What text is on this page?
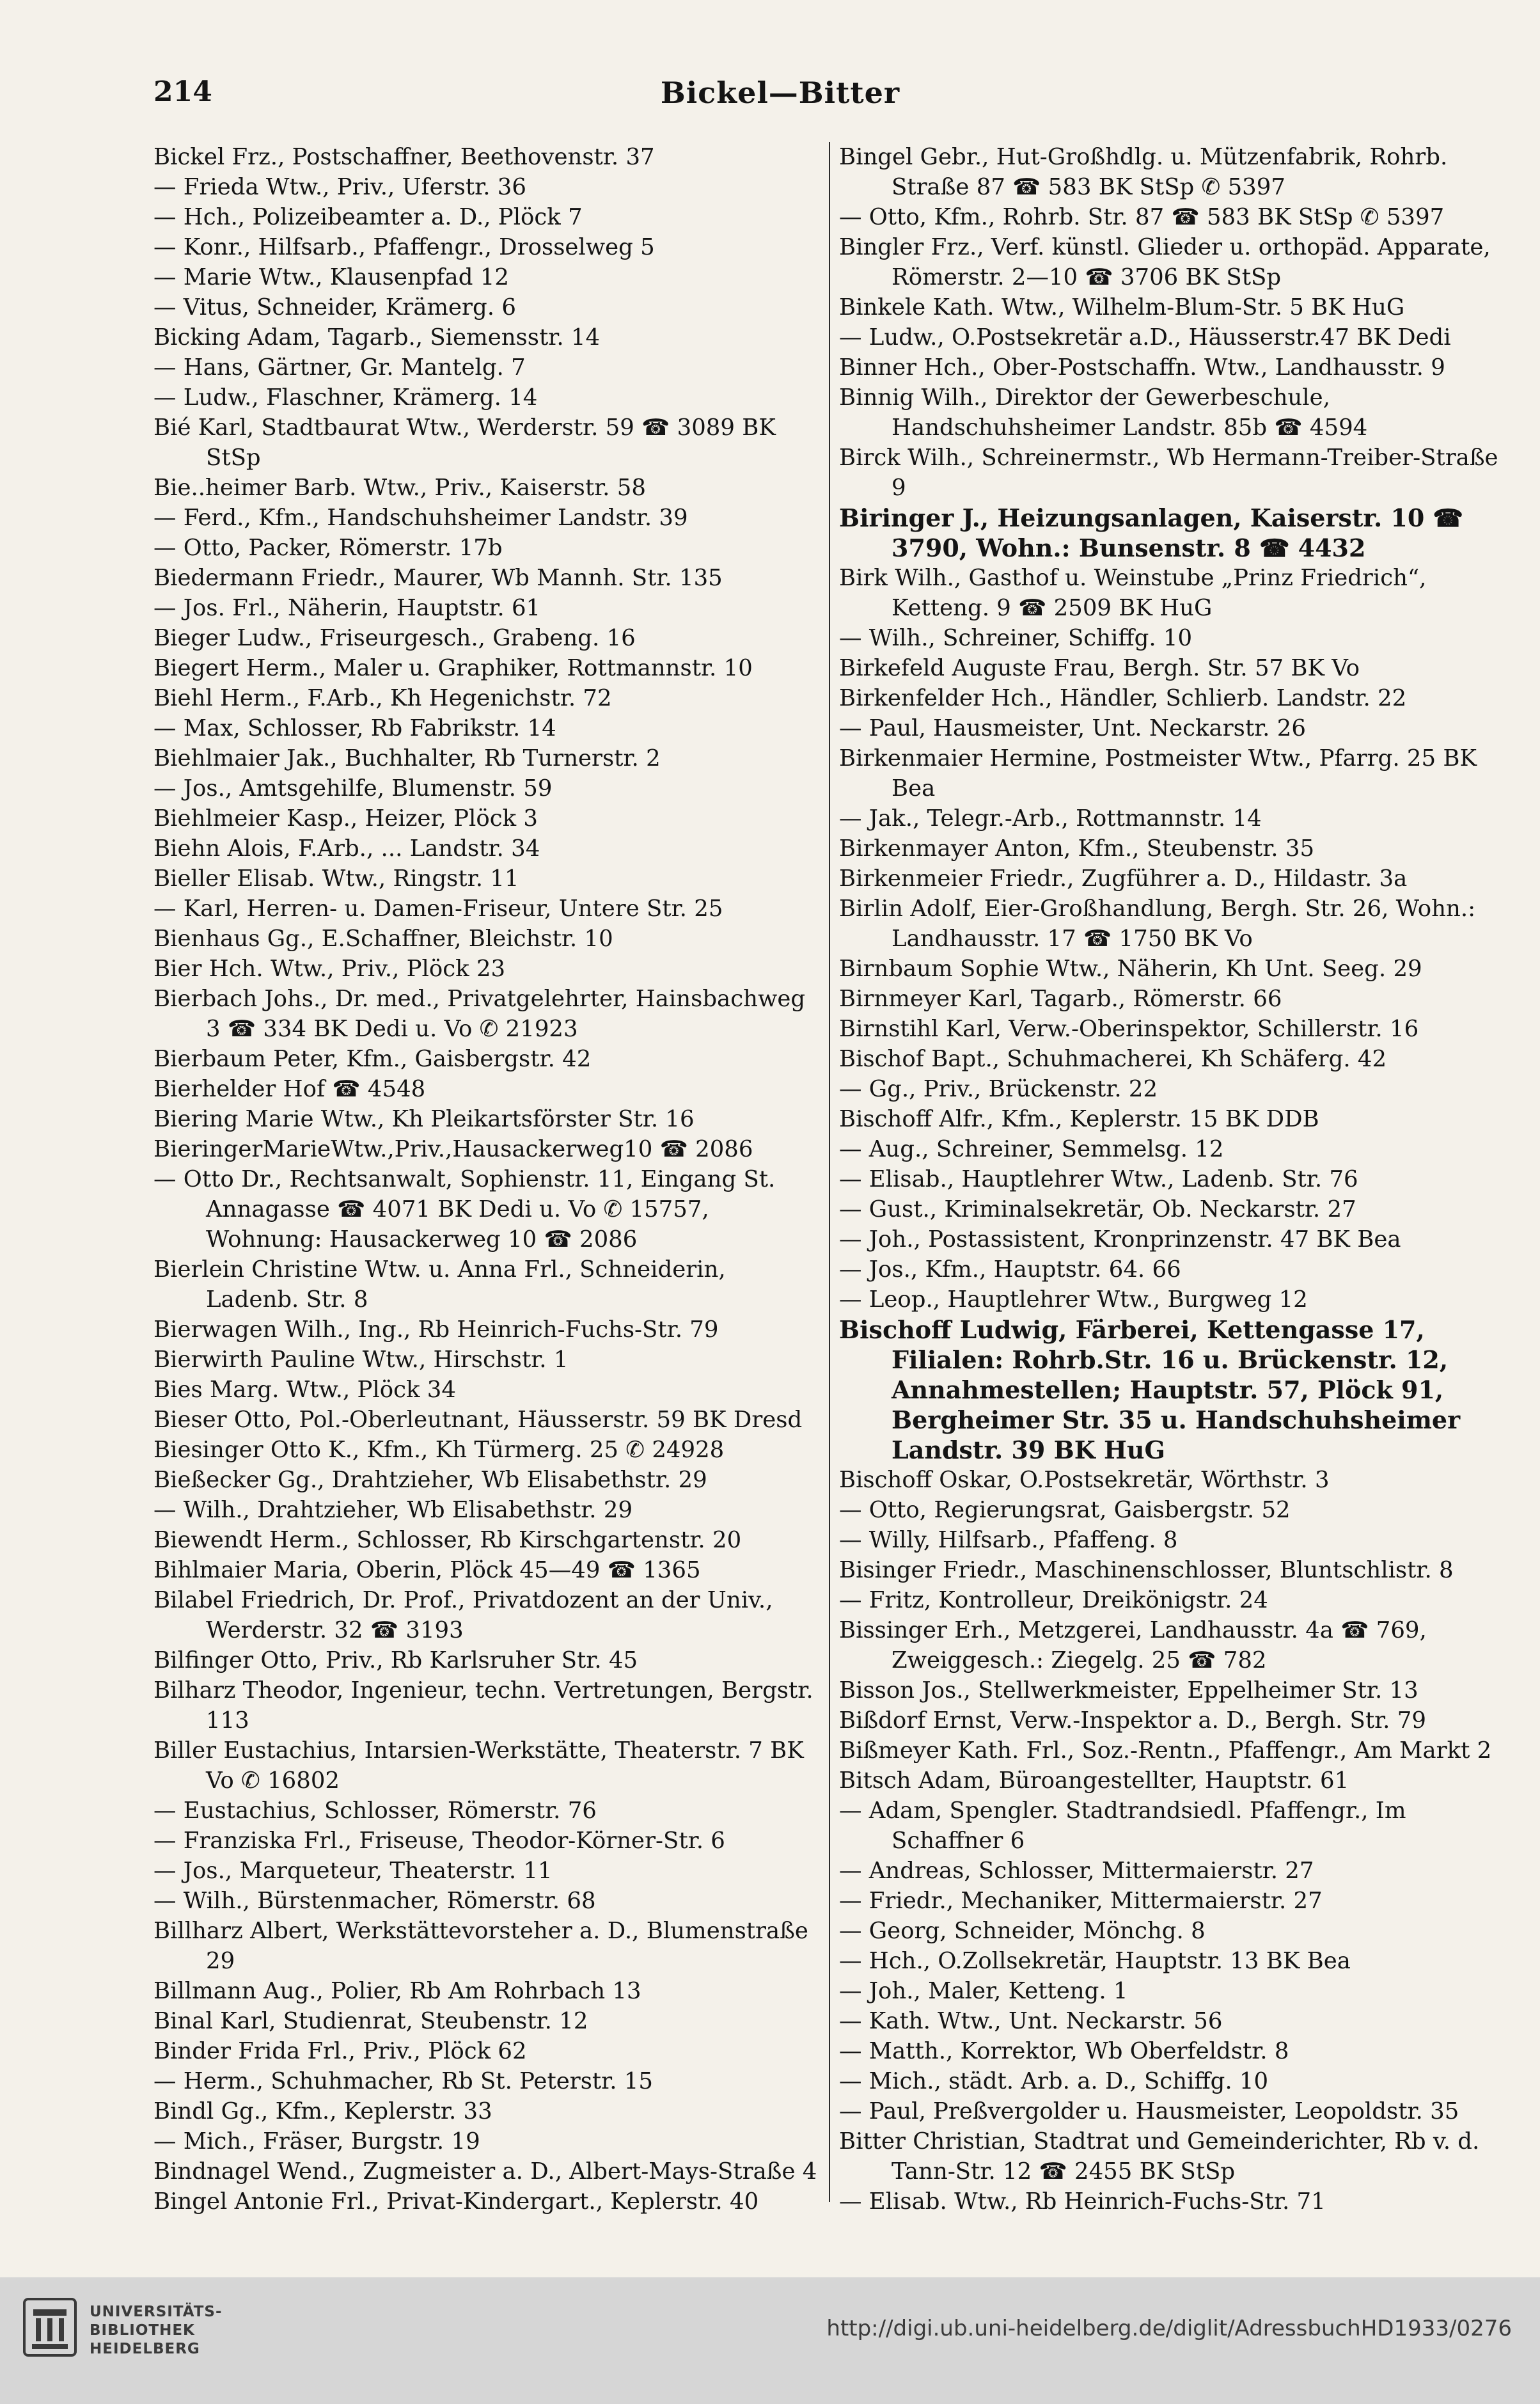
214	Bickel—Bitter
Bickel Frz., Postschaffner, Beethovenstr. 37
— Frieda Wtw., Priv., Uferstr. 36
— Hch., Polizeibeamter a. D., Plöck 7
— Konr., Hilfsarb., Pfaffengr., Drosselweg 5
— Marie Wtw., Klausenpfad 12
— Vitus, Schneider, Krämerg. 6
Bicking Adam, Tagarb., Siemensstr. 14
— Hans, Gärtner, Gr. Mantelg. 7
— Ludw., Flaschner, Krämerg. 14
Bié Karl, Stadtbaurat Wtw., Werderstr. 59 ☎ 3089 BK StSp
Bie..heimer Barb. Wtw., Priv., Kaiserstr. 58
— Ferd., Kfm., Handschuhsheimer Landstr. 39
— Otto, Packer, Römerstr. 17b
Biedermann Friedr., Maurer, Wb Mannh. Str. 135
— Jos. Frl., Näherin, Hauptstr. 61
Bieger Ludw., Friseurgesch., Grabeng. 16
Biegert Herm., Maler u. Graphiker, Rottmannstr. 10
Biehl Herm., F.Arb., Kh Hegenichstr. 72
— Max, Schlosser, Rb Fabrikstr. 14
Biehlmaier Jak., Buchhalter, Rb Turnerstr. 2
— Jos., Amtsgehilfe, Blumenstr. 59
Biehlmeier Kasp., Heizer, Plöck 3
Biehn Alois, F.Arb., ... Landstr. 34
Bieller Elisab. Wtw., Ringstr. 11
— Karl, Herren- u. Damen-Friseur, Untere Str. 25
Bienhaus Gg., E.Schaffner, Bleichstr. 10
Bier Hch. Wtw., Priv., Plöck 23
Bierbach Johs., Dr. med., Privatgelehrter, Hainsbachweg 3 ☎ 334 BK Dedi u. Vo ✆ 21923
Bierbaum Peter, Kfm., Gaisbergstr. 42
Bierhelder Hof ☎ 4548
Biering Marie Wtw., Kh Pleikartsförster Str. 16
BieringerMarieWtw.,Priv.,Hausackerweg10 ☎ 2086
— Otto Dr., Rechtsanwalt, Sophienstr. 11, Eingang St. Annagasse ☎ 4071 BK Dedi u. Vo ✆ 15757, Wohnung: Hausackerweg 10 ☎ 2086
Bierlein Christine Wtw. u. Anna Frl., Schneiderin, Ladenb. Str. 8
Bierwagen Wilh., Ing., Rb Heinrich-Fuchs-Str. 79
Bierwirth Pauline Wtw., Hirschstr. 1
Bies Marg. Wtw., Plöck 34
Bieser Otto, Pol.-Oberleutnant, Häusserstr. 59 BK Dresd
Biesinger Otto K., Kfm., Kh Türmerg. 25 ✆ 24928
Bießecker Gg., Drahtzieher, Wb Elisabethstr. 29
— Wilh., Drahtzieher, Wb Elisabethstr. 29
Biewendt Herm., Schlosser, Rb Kirschgartenstr. 20
Bihlmaier Maria, Oberin, Plöck 45—49 ☎ 1365
Bilabel Friedrich, Dr. Prof., Privatdozent an der Univ., Werderstr. 32 ☎ 3193
Bilfinger Otto, Priv., Rb Karlsruher Str. 45
Bilharz Theodor, Ingenieur, techn. Vertretungen, Bergstr. 113
Biller Eustachius, Intarsien-Werkstätte, Theaterstr. 7 BK Vo ✆ 16802
— Eustachius, Schlosser, Römerstr. 76
— Franziska Frl., Friseuse, Theodor-Körner-Str. 6
— Jos., Marqueteur, Theaterstr. 11
— Wilh., Bürstenmacher, Römerstr. 68
Billharz Albert, Werkstättevorsteher a. D., Blumenstraße 29
Billmann Aug., Polier, Rb Am Rohrbach 13
Binal Karl, Studienrat, Steubenstr. 12
Binder Frida Frl., Priv., Plöck 62
— Herm., Schuhmacher, Rb St. Peterstr. 15
Bindl Gg., Kfm., Keplerstr. 33
— Mich., Fräser, Burgstr. 19
Bindnagel Wend., Zugmeister a. D., Albert-Mays-Straße 4
Bingel Antonie Frl., Privat-Kindergart., Keplerstr. 40
Bingel Gebr., Hut-Großhdlg. u. Mützenfabrik, Rohrb. Straße 87 ☎ 583 BK StSp ✆ 5397
— Otto, Kfm., Rohrb. Str. 87 ☎ 583 BK StSp ✆ 5397
Bingler Frz., Verf. künstl. Glieder u. orthopäd. Apparate, Römerstr. 2—10 ☎ 3706 BK StSp
Binkele Kath. Wtw., Wilhelm-Blum-Str. 5 BK HuG
— Ludw., O.Postsekretär a.D., Häusserstr.47 BK Dedi
Binner Hch., Ober-Postschaffn. Wtw., Landhausstr. 9
Binnig Wilh., Direktor der Gewerbeschule, Handschuhsheimer Landstr. 85b ☎ 4594
Birck Wilh., Schreinermstr., Wb Hermann-Treiber-Straße 9
Biringer J., Heizungsanlagen, Kaiserstr. 10 ☎ 3790, Wohn.: Bunsenstr. 8 ☎ 4432
Birk Wilh., Gasthof u. Weinstube „Prinz Friedrich“, Ketteng. 9 ☎ 2509 BK HuG
— Wilh., Schreiner, Schiffg. 10
Birkefeld Auguste Frau, Bergh. Str. 57 BK Vo
Birkenfelder Hch., Händler, Schlierb. Landstr. 22
— Paul, Hausmeister, Unt. Neckarstr. 26
Birkenmaier Hermine, Postmeister Wtw., Pfarrg. 25 BK Bea
— Jak., Telegr.-Arb., Rottmannstr. 14
Birkenmayer Anton, Kfm., Steubenstr. 35
Birkenmeier Friedr., Zugführer a. D., Hildastr. 3a
Birlin Adolf, Eier-Großhandlung, Bergh. Str. 26, Wohn.: Landhausstr. 17 ☎ 1750 BK Vo
Birnbaum Sophie Wtw., Näherin, Kh Unt. Seeg. 29
Birnmeyer Karl, Tagarb., Römerstr. 66
Birnstihl Karl, Verw.-Oberinspektor, Schillerstr. 16
Bischof Bapt., Schuhmacherei, Kh Schäferg. 42
— Gg., Priv., Brückenstr. 22
Bischoff Alfr., Kfm., Keplerstr. 15 BK DDB
— Aug., Schreiner, Semmelsg. 12
— Elisab., Hauptlehrer Wtw., Ladenb. Str. 76
— Gust., Kriminalsekretär, Ob. Neckarstr. 27
— Joh., Postassistent, Kronprinzenstr. 47 BK Bea
— Jos., Kfm., Hauptstr. 64. 66
— Leop., Hauptlehrer Wtw., Burgweg 12
Bischoff Ludwig, Färberei, Kettengasse 17, Filialen: Rohrb.Str. 16 u. Brückenstr. 12, Annahmestellen; Hauptstr. 57, Plöck 91, Bergheimer Str. 35 u. Handschuhsheimer Landstr. 39 BK HuG
Bischoff Oskar, O.Postsekretär, Wörthstr. 3
— Otto, Regierungsrat, Gaisbergstr. 52
— Willy, Hilfsarb., Pfaffeng. 8
Bisinger Friedr., Maschinenschlosser, Bluntschlistr. 8
— Fritz, Kontrolleur, Dreikönigstr. 24
Bissinger Erh., Metzgerei, Landhausstr. 4a ☎ 769, Zweiggesch.: Ziegelg. 25 ☎ 782
Bisson Jos., Stellwerkmeister, Eppelheimer Str. 13
Bißdorf Ernst, Verw.-Inspektor a. D., Bergh. Str. 79
Bißmeyer Kath. Frl., Soz.-Rentn., Pfaffengr., Am Markt 2
Bitsch Adam, Büroangestellter, Hauptstr. 61
— Adam, Spengler. Stadtrandsiedl. Pfaffengr., Im Schaffner 6
— Andreas, Schlosser, Mittermaierstr. 27
— Friedr., Mechaniker, Mittermaierstr. 27
— Georg, Schneider, Mönchg. 8
— Hch., O.Zollsekretär, Hauptstr. 13 BK Bea
— Joh., Maler, Ketteng. 1
— Kath. Wtw., Unt. Neckarstr. 56
— Matth., Korrektor, Wb Oberfeldstr. 8
— Mich., städt. Arb. a. D., Schiffg. 10
— Paul, Preßvergolder u. Hausmeister, Leopoldstr. 35
Bitter Christian, Stadtrat und Gemeinderichter, Rb v. d. Tann-Str. 12 ☎ 2455 BK StSp
— Elisab. Wtw., Rb Heinrich-Fuchs-Str. 71
UNIVERSITÄTS-
BIBLIOTHEK
HEIDELBERG
http://digi.ub.uni-heidelberg.de/diglit/AdressbuchHD1933/0276
